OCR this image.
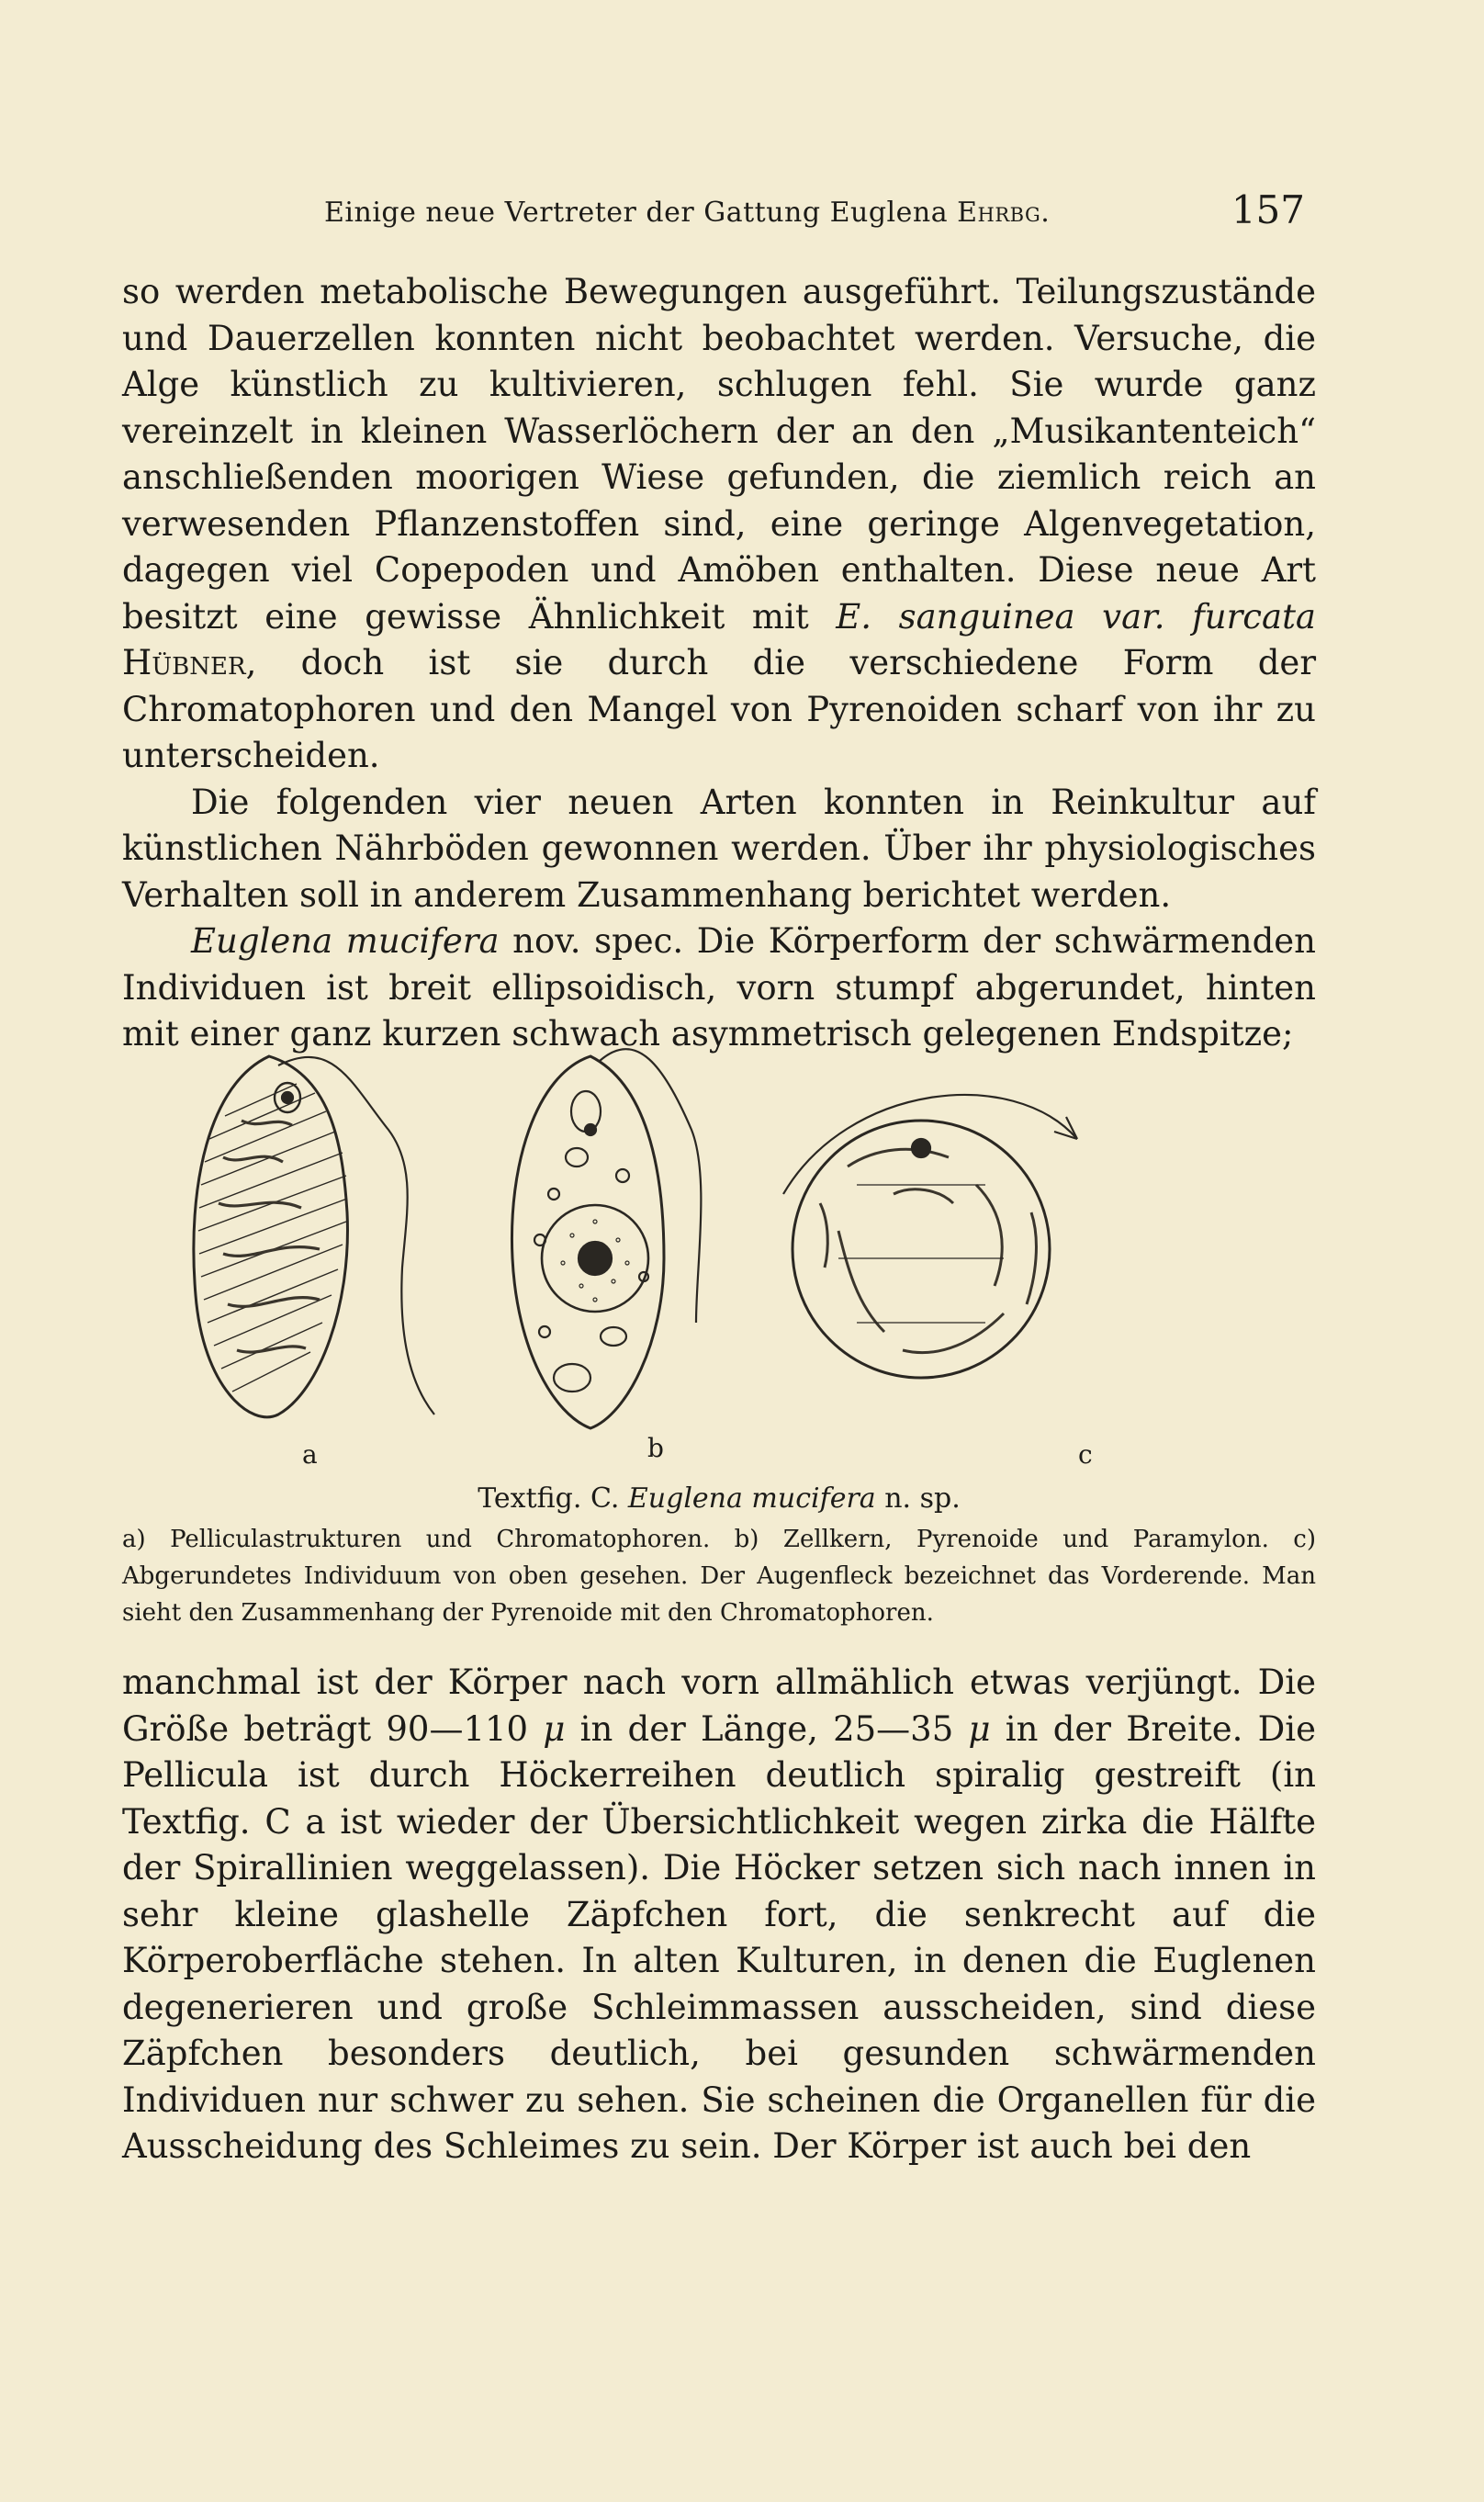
Einige neue Vertreter der Gattung Euglena Ehrbg.	157

so werden metabolische Bewegungen ausgeführt. Teilungszustände und Dauerzellen konnten nicht beobachtet werden. Versuche, die Alge künstlich zu kultivieren, schlugen fehl. Sie wurde ganz vereinzelt in kleinen Wasserlöchern der an den „Musikantenteich“ anschließenden moorigen Wiese gefunden, die ziemlich reich an verwesenden Pflanzenstoffen sind, eine geringe Algenvegetation, dagegen viel Copepoden und Amöben enthalten. Diese neue Art besitzt eine gewisse Ähnlichkeit mit E. sanguinea var. furcata Hübner, doch ist sie durch die verschiedene Form der Chromatophoren und den Mangel von Pyrenoiden scharf von ihr zu unterscheiden.

Die folgenden vier neuen Arten konnten in Reinkultur auf künstlichen Nährböden gewonnen werden. Über ihr physiologisches Verhalten soll in anderem Zusammenhang berichtet werden.

Euglena mucifera nov. spec. Die Körperform der schwärmenden Individuen ist breit ellipsoidisch, vorn stumpf abgerundet, hinten mit einer ganz kurzen schwach asymmetrisch gelegenen Endspitze;

a	b	c
Textfig. C. Euglena mucifera n. sp.
a) Pelliculastrukturen und Chromatophoren. b) Zellkern, Pyrenoide und Paramylon. c) Abgerundetes Individuum von oben gesehen. Der Augenfleck bezeichnet das Vorderende. Man sieht den Zusammenhang der Pyrenoide mit den Chromatophoren.

manchmal ist der Körper nach vorn allmählich etwas verjüngt. Die Größe beträgt 90—110 μ in der Länge, 25—35 μ in der Breite. Die Pellicula ist durch Höckerreihen deutlich spiralig gestreift (in Textfig. C a ist wieder der Übersichtlichkeit wegen zirka die Hälfte der Spirallinien weggelassen). Die Höcker setzen sich nach innen in sehr kleine glashelle Zäpfchen fort, die senkrecht auf die Körperoberfläche stehen. In alten Kulturen, in denen die Euglenen degenerieren und große Schleimmassen ausscheiden, sind diese Zäpfchen besonders deutlich, bei gesunden schwärmenden Individuen nur schwer zu sehen. Sie scheinen die Organellen für die Ausscheidung des Schleimes zu sein. Der Körper ist auch bei den
